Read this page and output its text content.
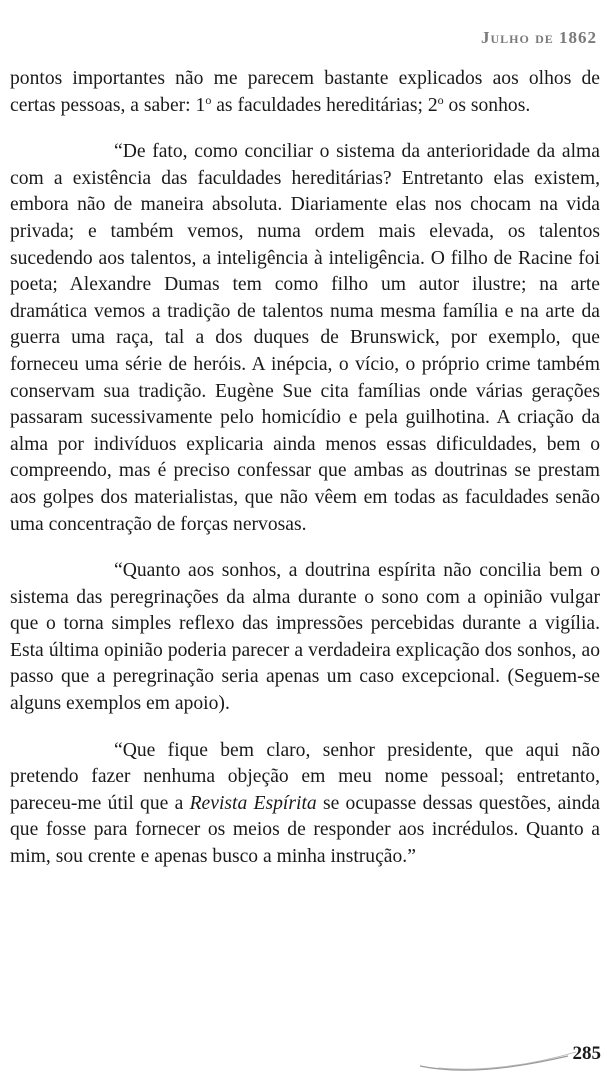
Julho de 1862

pontos importantes não me parecem bastante explicados aos olhos de certas pessoas, a saber: 1$^o$ as faculdades hereditárias; 2$^o$ os sonhos.

“De fato, como conciliar o sistema da anterioridade da alma com a existência das faculdades hereditárias? Entretanto elas existem, embora não de maneira absoluta. Diariamente elas nos chocam na vida privada; e também vemos, numa ordem mais elevada, os talentos sucedendo aos talentos, a inteligência à inteligência. O filho de Racine foi poeta; Alexandre Dumas tem como filho um autor ilustre; na arte dramática vemos a tradição de talentos numa mesma família e na arte da guerra uma raça, tal a dos duques de Brunswick, por exemplo, que forneceu uma série de heróis. A inépcia, o vício, o próprio crime também conservam sua tradição. Eugène Sue cita famílias onde várias gerações passaram sucessivamente pelo homicídio e pela guilhotina. A criação da alma por indivíduos explicaria ainda menos essas dificuldades, bem o compreendo, mas é preciso confessar que ambas as doutrinas se prestam aos golpes dos materialistas, que não vêem em todas as faculdades senão uma concentração de forças nervosas.

“Quanto aos sonhos, a doutrina espírita não concilia bem o sistema das peregrinações da alma durante o sono com a opinião vulgar que o torna simples reflexo das impressões percebidas durante a vigília. Esta última opinião poderia parecer a verdadeira explicação dos sonhos, ao passo que a peregrinação seria apenas um caso excepcional. (Seguem-se alguns exemplos em apoio).

“Que fique bem claro, senhor presidente, que aqui não pretendo fazer nenhuma objeção em meu nome pessoal; entretanto, pareceu-me útil que a Revista Espírita se ocupasse dessas questões, ainda que fosse para fornecer os meios de responder aos incrédulos. Quanto a mim, sou crente e apenas busco a minha instrução.”

285
